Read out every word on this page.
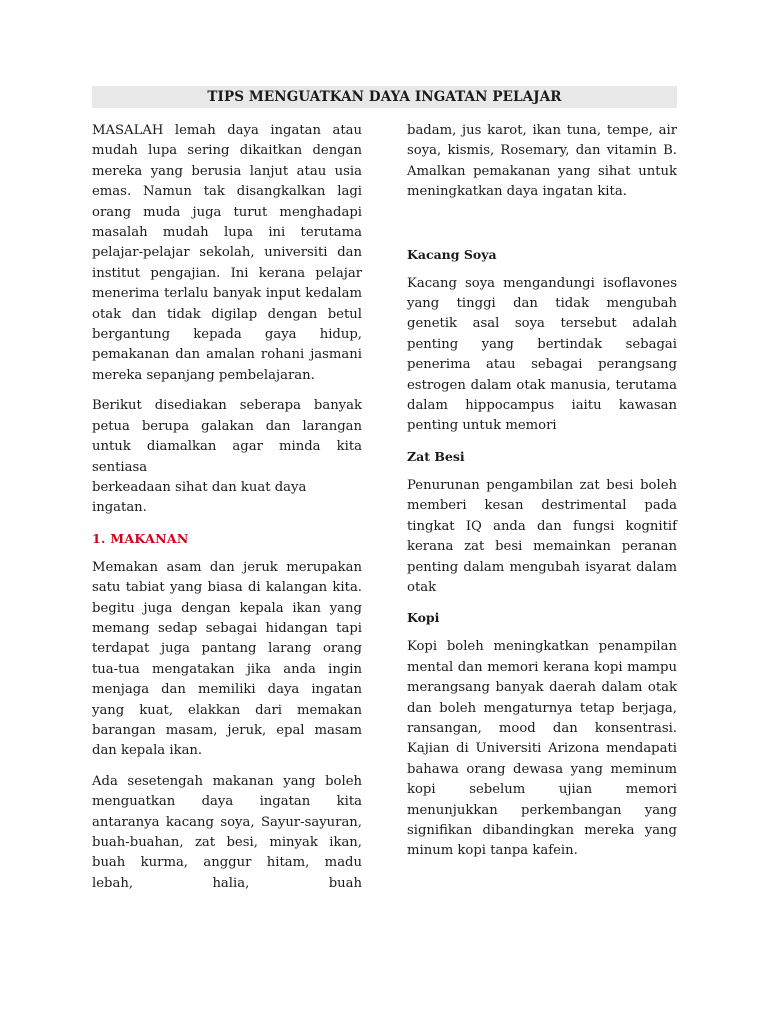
TIPS MENGUATKAN DAYA INGATAN PELAJAR

MASALAH lemah daya ingatan atau mudah lupa sering dikaitkan dengan mereka yang berusia lanjut atau usia emas. Namun tak disangkalkan lagi orang muda juga turut menghadapi masalah mudah lupa ini terutama pelajar-pelajar sekolah, universiti dan institut pengajian. Ini kerana pelajar menerima terlalu banyak input kedalam otak dan tidak digilap dengan betul bergantung kepada gaya hidup, pemakanan dan amalan rohani jasmani mereka sepanjang pembelajaran.

Berikut disediakan seberapa banyak petua berupa galakan dan larangan untuk diamalkan agar minda kita sentiasa

berkeadaan sihat dan kuat daya ingatan.

1. MAKANAN

Memakan asam dan jeruk merupakan satu tabiat yang biasa di kalangan kita. begitu juga dengan kepala ikan yang memang sedap sebagai hidangan tapi terdapat juga pantang larang orang tua-tua mengatakan jika anda ingin menjaga dan memiliki daya ingatan yang kuat, elakkan dari memakan barangan masam, jeruk, epal masam dan kepala ikan.

Ada sesetengah makanan yang boleh menguatkan daya ingatan kita antaranya kacang soya, Sayur-sayuran, buah-buahan, zat besi, minyak ikan, buah kurma, anggur hitam, madu lebah, halia, buah

badam, jus karot, ikan tuna, tempe, air soya, kismis, Rosemary, dan vitamin B. Amalkan pemakanan yang sihat untuk meningkatkan daya ingatan kita.

Kacang Soya

Kacang soya mengandungi isoflavones yang tinggi dan tidak mengubah genetik asal soya tersebut adalah penting yang bertindak sebagai penerima atau sebagai perangsang estrogen dalam otak manusia, terutama dalam hippocampus iaitu kawasan penting untuk memori

Zat Besi

Penurunan pengambilan zat besi boleh memberi kesan destrimental pada tingkat IQ anda dan fungsi kognitif kerana zat besi memainkan peranan penting dalam mengubah isyarat dalam otak

Kopi

Kopi boleh meningkatkan penampilan mental dan memori kerana kopi mampu merangsang banyak daerah dalam otak dan boleh mengaturnya tetap berjaga, ransangan, mood dan konsentrasi. Kajian di Universiti Arizona mendapati bahawa orang dewasa yang meminum kopi sebelum ujian memori menunjukkan perkembangan yang signifikan dibandingkan mereka yang minum kopi tanpa kafein.
